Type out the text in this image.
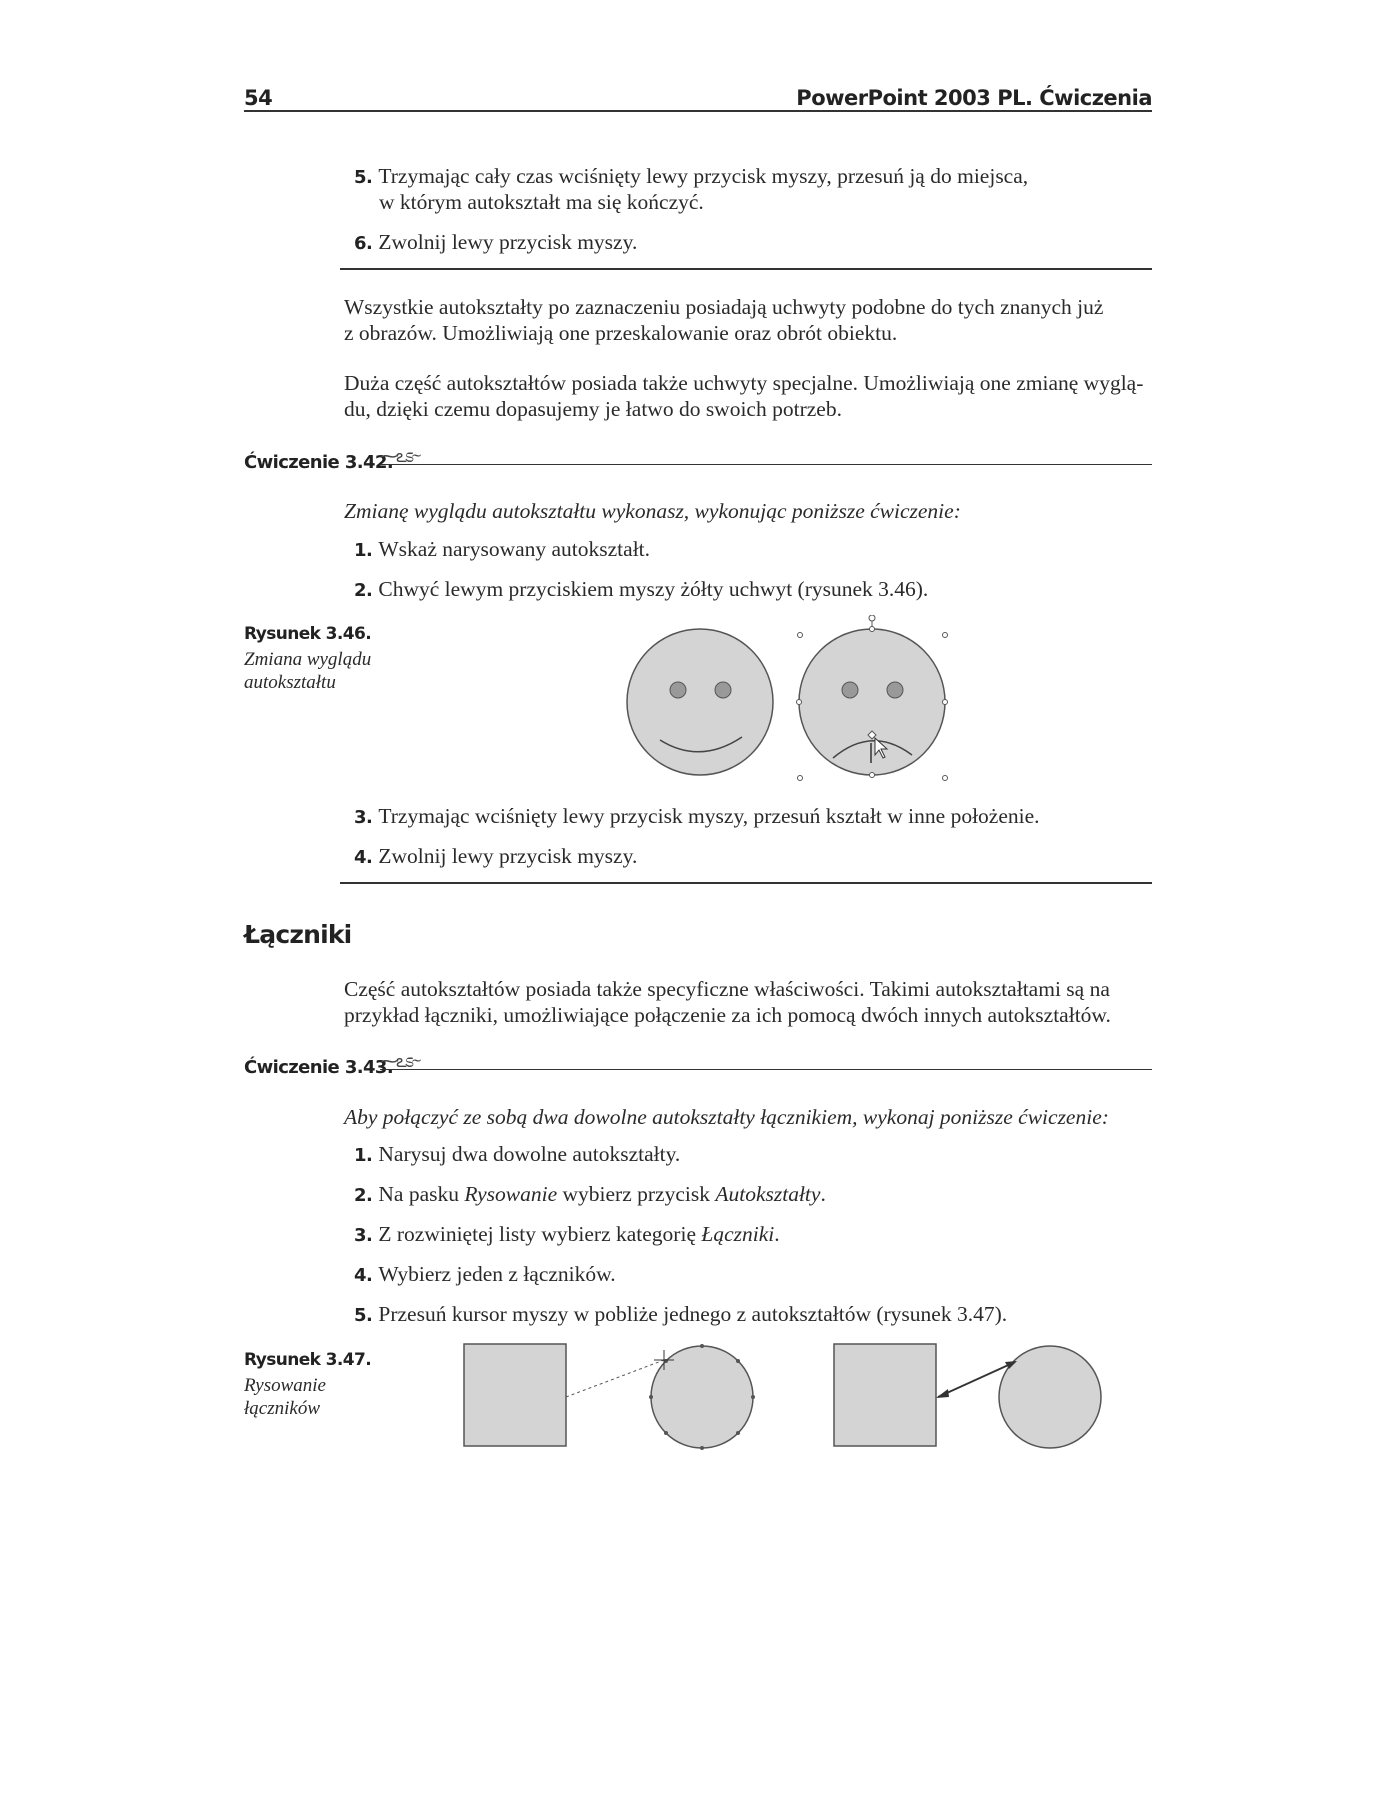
54	PowerPoint 2003 PL. Ćwiczenia
5. Trzymając cały czas wciśnięty lewy przycisk myszy, przesuń ją do miejsca,
w którym autokształt ma się kończyć.
6. Zwolnij lewy przycisk myszy.
Wszystkie autokształty po zaznaczeniu posiadają uchwyty podobne do tych znanych już
z obrazów. Umożliwiają one przeskalowanie oraz obrót obiektu.
Duża część autokształtów posiada także uchwyty specjalne. Umożliwiają one zmianę wyglą-
du, dzięki czemu dopasujemy je łatwo do swoich potrzeb.
Ćwiczenie 3.42.
⁓ఽಽ⁓
Zmianę wyglądu autokształtu wykonasz, wykonując poniższe ćwiczenie:
1. Wskaż narysowany autokształt.
2. Chwyć lewym przyciskiem myszy żółty uchwyt (rysunek 3.46).
Rysunek 3.46.
Zmiana wyglądu
autokształtu
3. Trzymając wciśnięty lewy przycisk myszy, przesuń kształt w inne położenie.
4. Zwolnij lewy przycisk myszy.
Łączniki
Część autokształtów posiada także specyficzne właściwości. Takimi autokształtami są na
przykład łączniki, umożliwiające połączenie za ich pomocą dwóch innych autokształtów.
Ćwiczenie 3.43.
⁓ఽಽ⁓
Aby połączyć ze sobą dwa dowolne autokształty łącznikiem, wykonaj poniższe ćwiczenie:
1. Narysuj dwa dowolne autokształty.
2. Na pasku Rysowanie wybierz przycisk Autokształty.
3. Z rozwiniętej listy wybierz kategorię Łączniki.
4. Wybierz jeden z łączników.
5. Przesuń kursor myszy w pobliże jednego z autokształtów (rysunek 3.47).
Rysunek 3.47.
Rysowanie
łączników
